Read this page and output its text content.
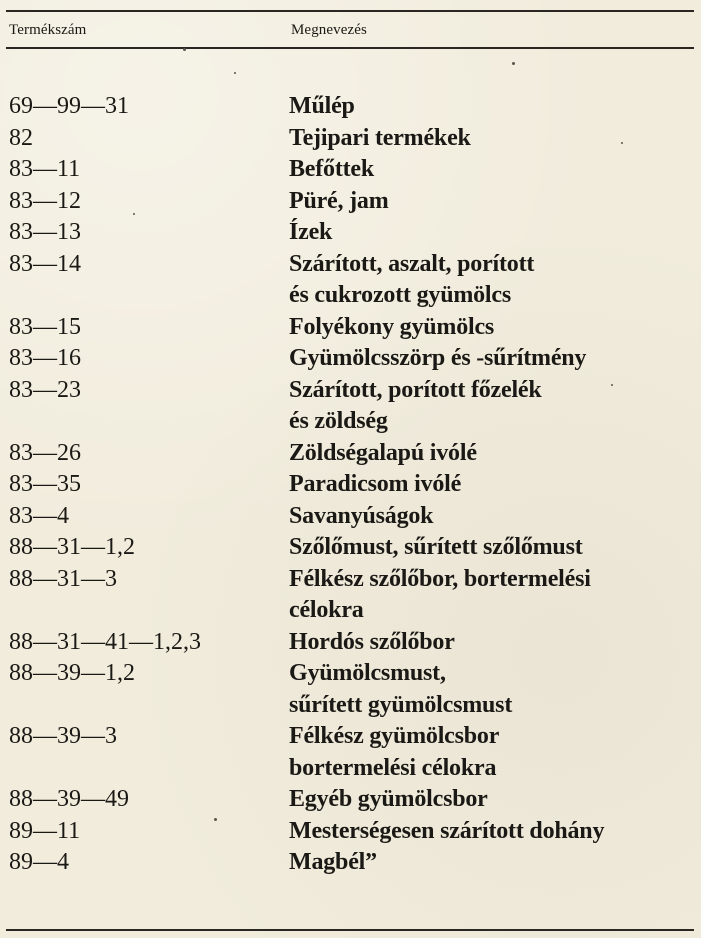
Termékszám	Megnevezés
69—99—31	Műlép
82	Tejipari termékek
83—11	Befőttek
83—12	Püré, jam
83—13	Ízek
83—14	Szárított, aszalt, porított
és cukrozott gyümölcs
83—15	Folyékony gyümölcs
83—16	Gyümölcsszörp és -sűrítmény
83—23	Szárított, porított főzelék
és zöldség
83—26	Zöldségalapú ivólé
83—35	Paradicsom ivólé
83—4	Savanyúságok
88—31—1,2	Szőlőmust, sűrített szőlőmust
88—31—3	Félkész szőlőbor, bortermelési
célokra
88—31—41—1,2,3	Hordós szőlőbor
88—39—1,2	Gyümölcsmust,
sűrített gyümölcsmust
88—39—3	Félkész gyümölcsbor
bortermelési célokra
88—39—49	Egyéb gyümölcsbor
89—11	Mesterségesen szárított dohány
89—4	Magbél”
